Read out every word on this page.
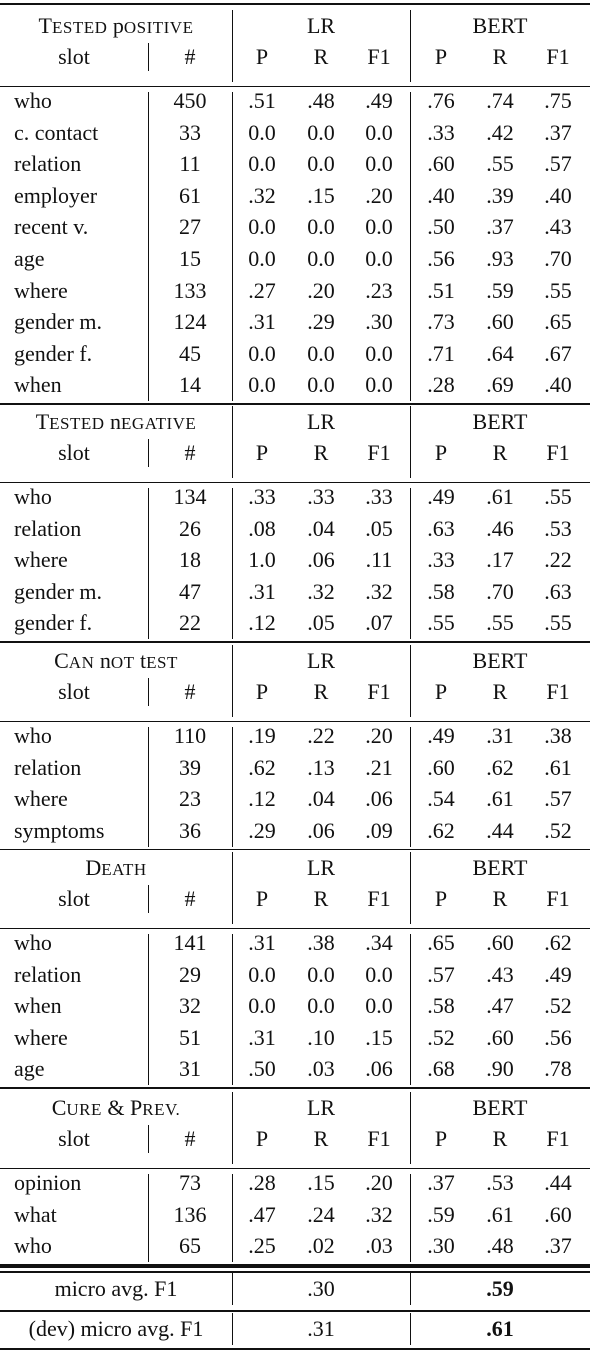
TESTED pOSITIVE	LR	BERT
slot	#	P R F1 P R F1
who	450 .51 .48 .49 .76 .74 .75
c. contact	33 0.0 0.0 0.0 .33 .42 .37
relation	11 0.0 0.0 0.0 .60 .55 .57
employer	61 .32 .15 .20 .40 .39 .40
recent v.	27 0.0 0.0 0.0 .50 .37 .43
age	15 0.0 0.0 0.0 .56 .93 .70
where	133 .27 .20 .23 .51 .59 .55
gender m.	124 .31 .29 .30 .73 .60 .65
gender f.	45 0.0 0.0 0.0 .71 .64 .67
when	14 0.0 0.0 0.0 .28 .69 .40
TESTED nEGATIVE	LR	BERT
slot	#	P R F1 P R F1
who	134 .33 .33 .33 .49 .61 .55
relation	26 .08 .04 .05 .63 .46 .53
where	18 1.0 .06 .11 .33 .17 .22
gender m.	47 .31 .32 .32 .58 .70 .63
gender f.	22 .12 .05 .07 .55 .55 .55
CAN nOT tEST	LR	BERT
slot	#	P R F1 P R F1
who	110 .19 .22 .20 .49 .31 .38
relation	39 .62 .13 .21 .60 .62 .61
where	23 .12 .04 .06 .54 .61 .57
symptoms	36 .29 .06 .09 .62 .44 .52
DEATH	LR	BERT
slot	#	P R F1 P R F1
who	141 .31 .38 .34 .65 .60 .62
relation	29 0.0 0.0 0.0 .57 .43 .49
when	32 0.0 0.0 0.0 .58 .47 .52
where	51 .31 .10 .15 .52 .60 .56
age	31 .50 .03 .06 .68 .90 .78
CURE & PREV.	LR	BERT
slot	#	P R F1 P R F1
opinion	73 .28 .15 .20 .37 .53 .44
what	136 .47 .24 .32 .59 .61 .60
who	65 .25 .02 .03 .30 .48 .37
micro avg. F1	.30	.59
(dev) micro avg. F1	.31	.61
